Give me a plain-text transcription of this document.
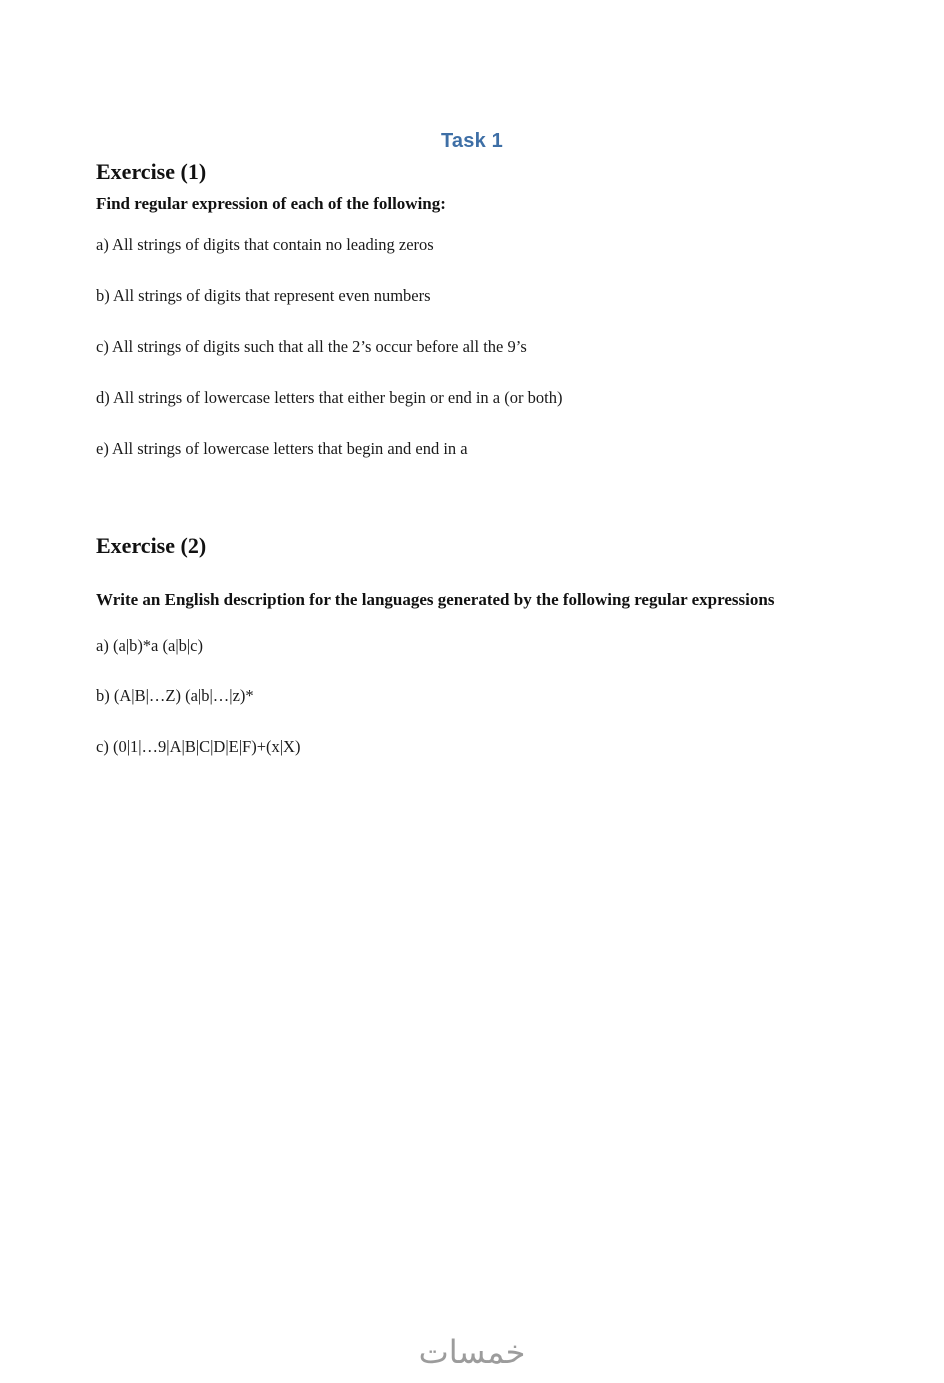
Task 1
Exercise (1)
Find regular expression of each of the following:

a) All strings of digits that contain no leading zeros

b) All strings of digits that represent even numbers

c) All strings of digits such that all the 2’s occur before all the 9’s

d) All strings of lowercase letters that either begin or end in a (or both)

e) All strings of lowercase letters that begin and end in a

Exercise (2)
Write an English description for the languages generated by the following regular expressions

a) (a|b)*a (a|b|c)

b) (A|B|…Z) (a|b|…|z)*

c) (0|1|…9|A|B|C|D|E|F)+(x|X)

خمسات
